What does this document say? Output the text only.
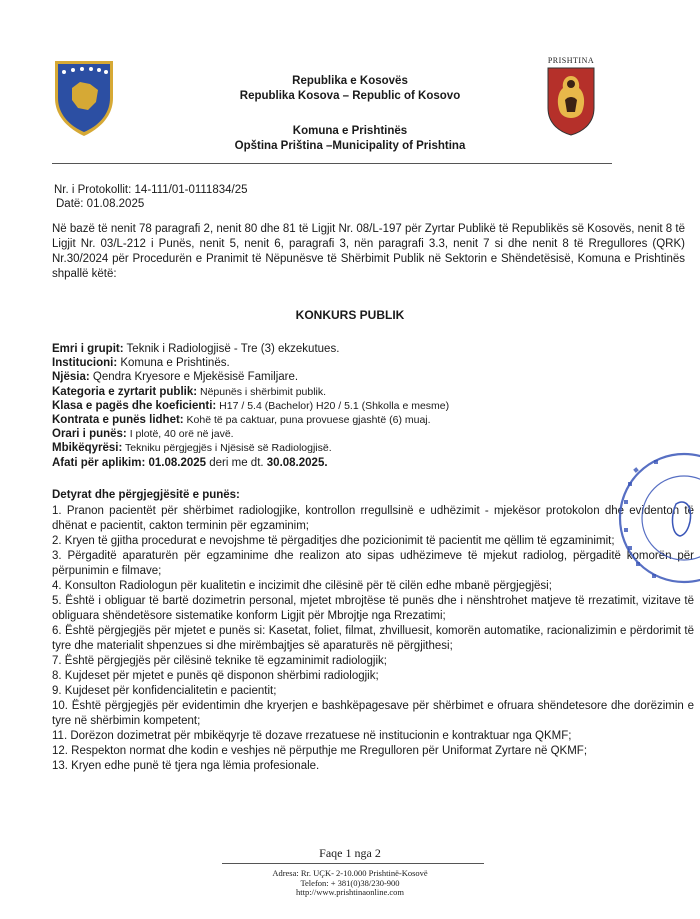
PRISHTINA
Republika e Kosovës
Republika Kosova – Republic of Kosovo
Komuna e Prishtinës
Opština Priština –Municipality of Prishtina
Nr. i Protokollit: 14-111/01-0111834/25
Datë: 01.08.2025
Në bazë të nenit 78 paragrafi 2, nenit 80 dhe 81 të Ligjit Nr. 08/L-197 për Zyrtar Publikë të Republikës së Kosovës, nenit 8 të Ligjit Nr. 03/L-212 i Punës, nenit 5, nenit 6, paragrafi 3, nën paragrafi 3.3, nenit 7 si dhe nenit 8 të Rregullores (QRK) Nr.30/2024 për Procedurën e Pranimit të Nëpunësve të Shërbimit Publik në Sektorin e Shëndetësisë, Komuna e Prishtinës shpallë këtë:
KONKURS PUBLIK
Emri i grupit: Teknik i Radiologjisë - Tre (3) ekzekutues.
Institucioni: Komuna e Prishtinës.
Njësia: Qendra Kryesore e Mjekësisë Familjare.
Kategoria e zyrtarit publik: Nëpunës i shërbimit publik.
Klasa e pagës dhe koeficienti: H17 / 5.4 (Bachelor) H20 / 5.1 (Shkolla e mesme)
Kontrata e punës lidhet: Kohë të pa caktuar, puna provuese gjashtë (6) muaj.
Orari i punës: I plotë, 40 orë në javë.
Mbikëqyrësi: Tekniku përgjegjës i Njësisë së Radiologjisë.
Afati për aplikim: 01.08.2025 deri me dt. 30.08.2025.
Detyrat dhe përgjegjësitë e punës:
1. Pranon pacientët për shërbimet radiologjike, kontrollon rregullsinë e udhëzimit - mjekësor protokolon dhe evidenton të dhënat e pacientit, cakton terminin për egzaminim;
2. Kryen të gjitha procedurat e nevojshme të përgaditjes dhe pozicionimit të pacientit me qëllim të egzaminimit;
3. Përgaditë aparaturën për egzaminime dhe realizon ato sipas udhëzimeve të mjekut radiolog, përgaditë komorën për përpunimin e filmave;
4. Konsulton Radiologun për kualitetin e incizimit dhe cilësinë për të cilën edhe mbanë përgjegjësi;
5. Është i obliguar të bartë dozimetrin personal, mjetet mbrojtëse të punës dhe i nënshtrohet matjeve të rrezatimit, vizitave të obliguara shëndetësore sistematike konform Ligjit për Mbrojtje nga Rrezatimi;
6. Është përgjegjës për mjetet e punës si: Kasetat, foliet, filmat, zhvilluesit, komorën automatike, racionalizimin e përdorimit të tyre dhe materialit shpenzues si dhe mirëmbajtjes së aparaturës në përgjithesi;
7. Është përgjegjës për cilësinë teknike të egzaminimit radiologjik;
8. Kujdeset për mjetet e punës që disponon shërbimi radiologjik;
9. Kujdeset për konfidencialitetin e pacientit;
10. Është përgjegjës për evidentimin dhe kryerjen e bashkëpagesave për shërbimet e ofruara shëndetesore dhe dorëzimin e tyre në shërbimin kompetent;
11. Dorëzon dozimetrat për mbikëqyrje të dozave rrezatuese në institucionin e kontraktuar nga QKMF;
12. Respekton normat dhe kodin e veshjes në përputhje me Rregulloren për Uniformat Zyrtare në QKMF;
13. Kryen edhe punë të tjera nga lëmia profesionale.
Faqe 1 nga 2
Adresa: Rr. UÇK- 2-10.000 Prishtinë-Kosovë
Telefon: + 381(0)38/230-900
http://www.prishtinaonline.com
